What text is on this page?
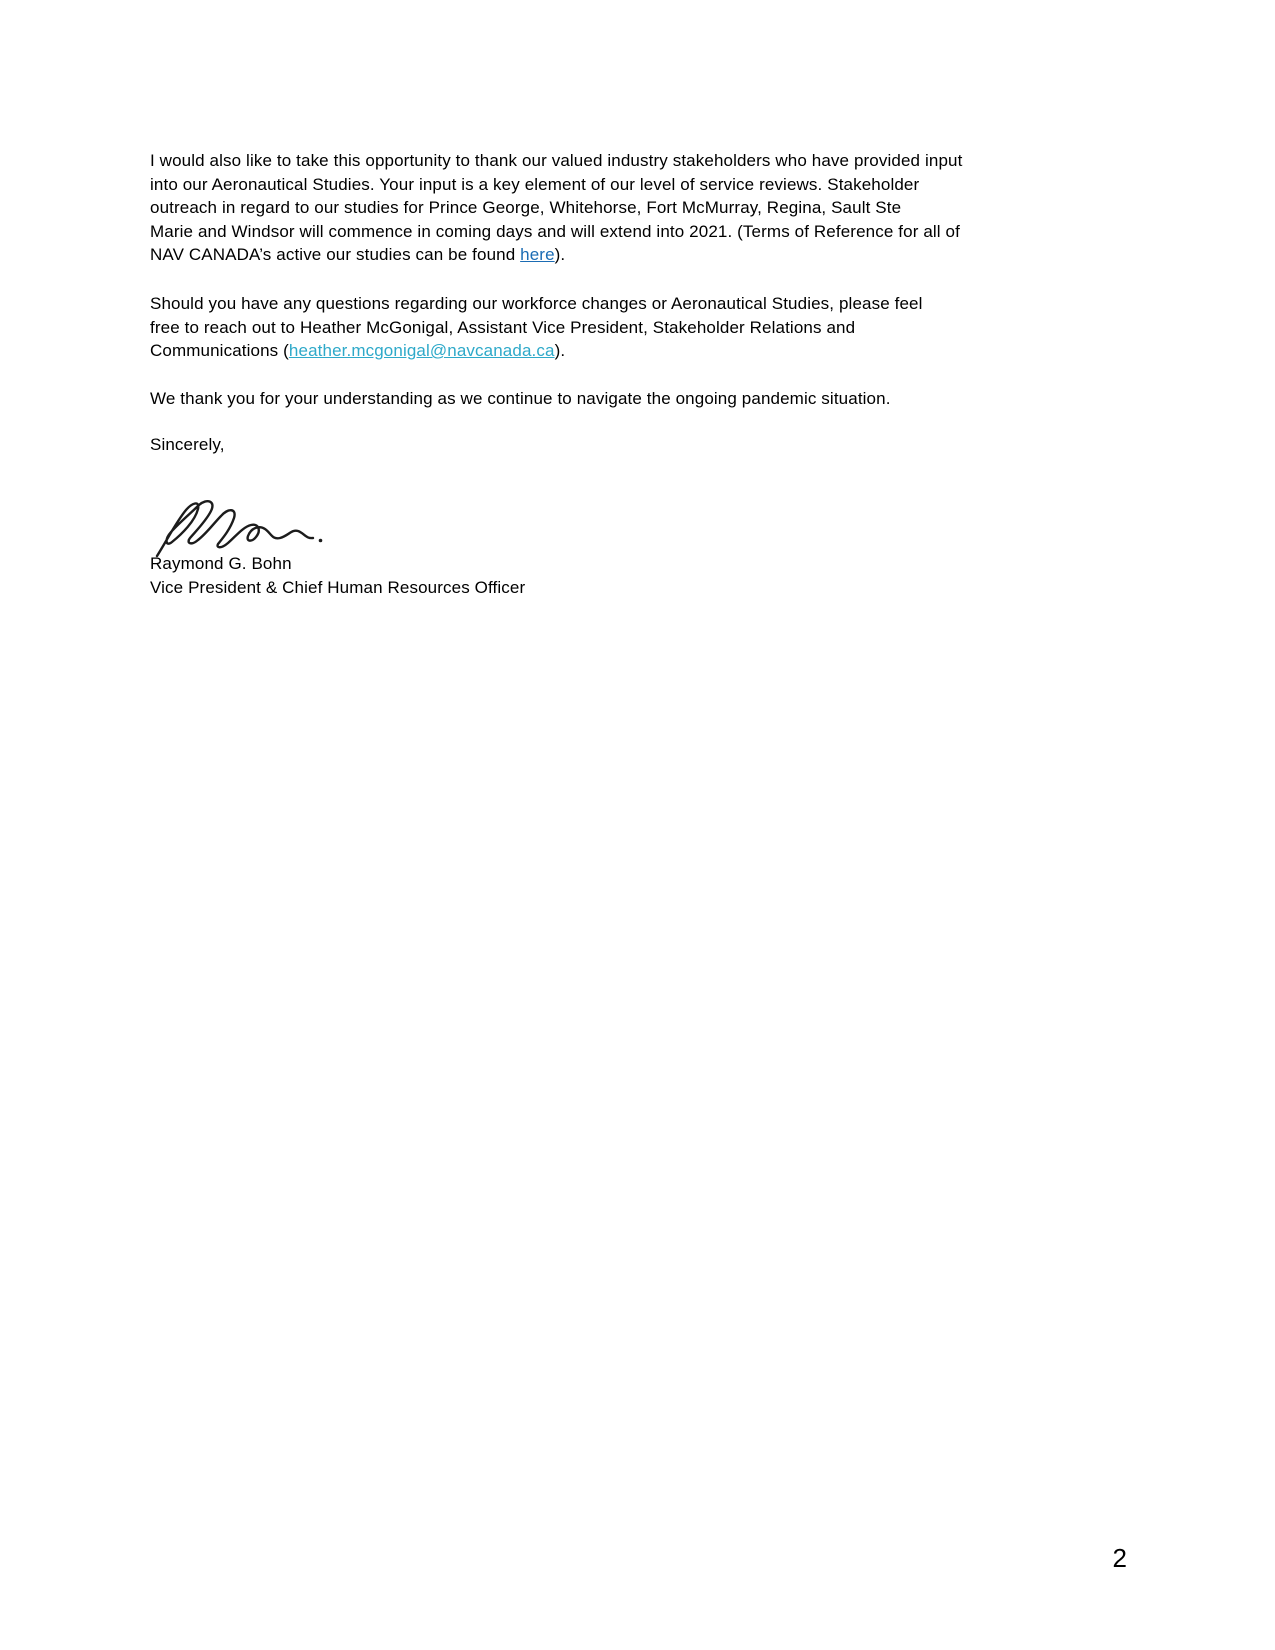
I would also like to take this opportunity to thank our valued industry stakeholders who have provided input
into our Aeronautical Studies. Your input is a key element of our level of service reviews. Stakeholder
outreach in regard to our studies for Prince George, Whitehorse, Fort McMurray, Regina, Sault Ste
Marie and Windsor will commence in coming days and will extend into 2021. (Terms of Reference for all of
NAV CANADA’s active our studies can be found here).

Should you have any questions regarding our workforce changes or Aeronautical Studies, please feel
free to reach out to Heather McGonigal, Assistant Vice President, Stakeholder Relations and
Communications (heather.mcgonigal@navcanada.ca).

We thank you for your understanding as we continue to navigate the ongoing pandemic situation.

Sincerely,

Raymond G. Bohn
Vice President & Chief Human Resources Officer

2
